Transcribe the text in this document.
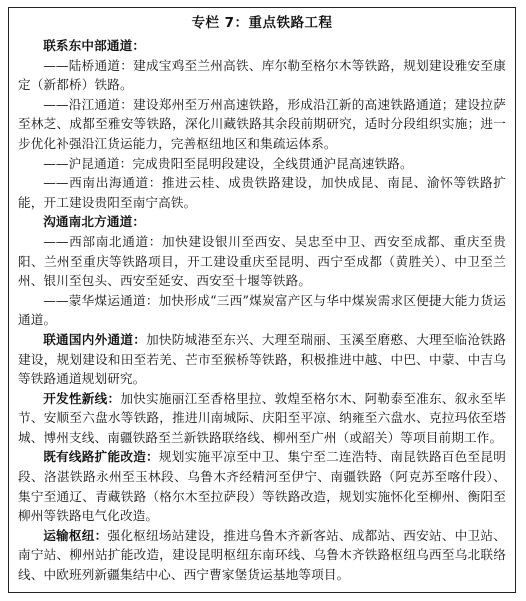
专栏 7：重点铁路工程

联系东中部通道：

——陆桥通道：建成宝鸡至兰州高铁、库尔勒至格尔木等铁路，规划建设雅安至康定（新都桥）铁路。

——沿江通道：建设郑州至万州高速铁路，形成沿江新的高速铁路通道；建设拉萨至林芝、成都至雅安等铁路，深化川藏铁路其余段前期研究，适时分段组织实施；进一步优化补强沿江货运能力，完善枢纽地区和集疏运体系。

——沪昆通道：完成贵阳至昆明段建设，全线贯通沪昆高速铁路。

——西南出海通道：推进云桂、成贵铁路建设，加快成昆、南昆、渝怀等铁路扩能，开工建设贵阳至南宁高铁。

沟通南北方通道：

——西部南北通道：加快建设银川至西安、吴忠至中卫、西安至成都、重庆至贵阳、兰州至重庆等铁路项目，开工建设重庆至昆明、西宁至成都（黄胜关）、中卫至兰州、银川至包头、西安至延安、西安至十堰等铁路。

——蒙华煤运通道：加快形成“三西”煤炭富产区与华中煤炭需求区便捷大能力货运通道。

联通国内外通道：加快防城港至东兴、大理至瑞丽、玉溪至磨憨、大理至临沧铁路建设，规划建设和田至若羌、芒市至猴桥等铁路，积极推进中越、中巴、中蒙、中吉乌等铁路通道规划研究。

开发性新线：加快实施丽江至香格里拉、敦煌至格尔木、阿勒泰至准东、叙永至毕节、安顺至六盘水等铁路，推进川南城际、庆阳至平凉、纳雍至六盘水、克拉玛依至塔城、博州支线、南疆铁路至兰新铁路联络线、柳州至广州（或韶关）等项目前期工作。

既有线路扩能改造：规划实施平凉至中卫、集宁至二连浩特、南昆铁路百色至昆明段、洛湛铁路永州至玉林段、乌鲁木齐经精河至伊宁、南疆铁路（阿克苏至喀什段）、集宁至通辽、青藏铁路（格尔木至拉萨段）等铁路改造，规划实施怀化至柳州、衡阳至柳州等铁路电气化改造。

运输枢纽：强化枢纽场站建设，推进乌鲁木齐新客站、成都站、西安站、中卫站、南宁站、柳州站扩能改造，建设昆明枢纽东南环线、乌鲁木齐铁路枢纽乌西至乌北联络线、中欧班列新疆集结中心、西宁曹家堡货运基地等项目。
